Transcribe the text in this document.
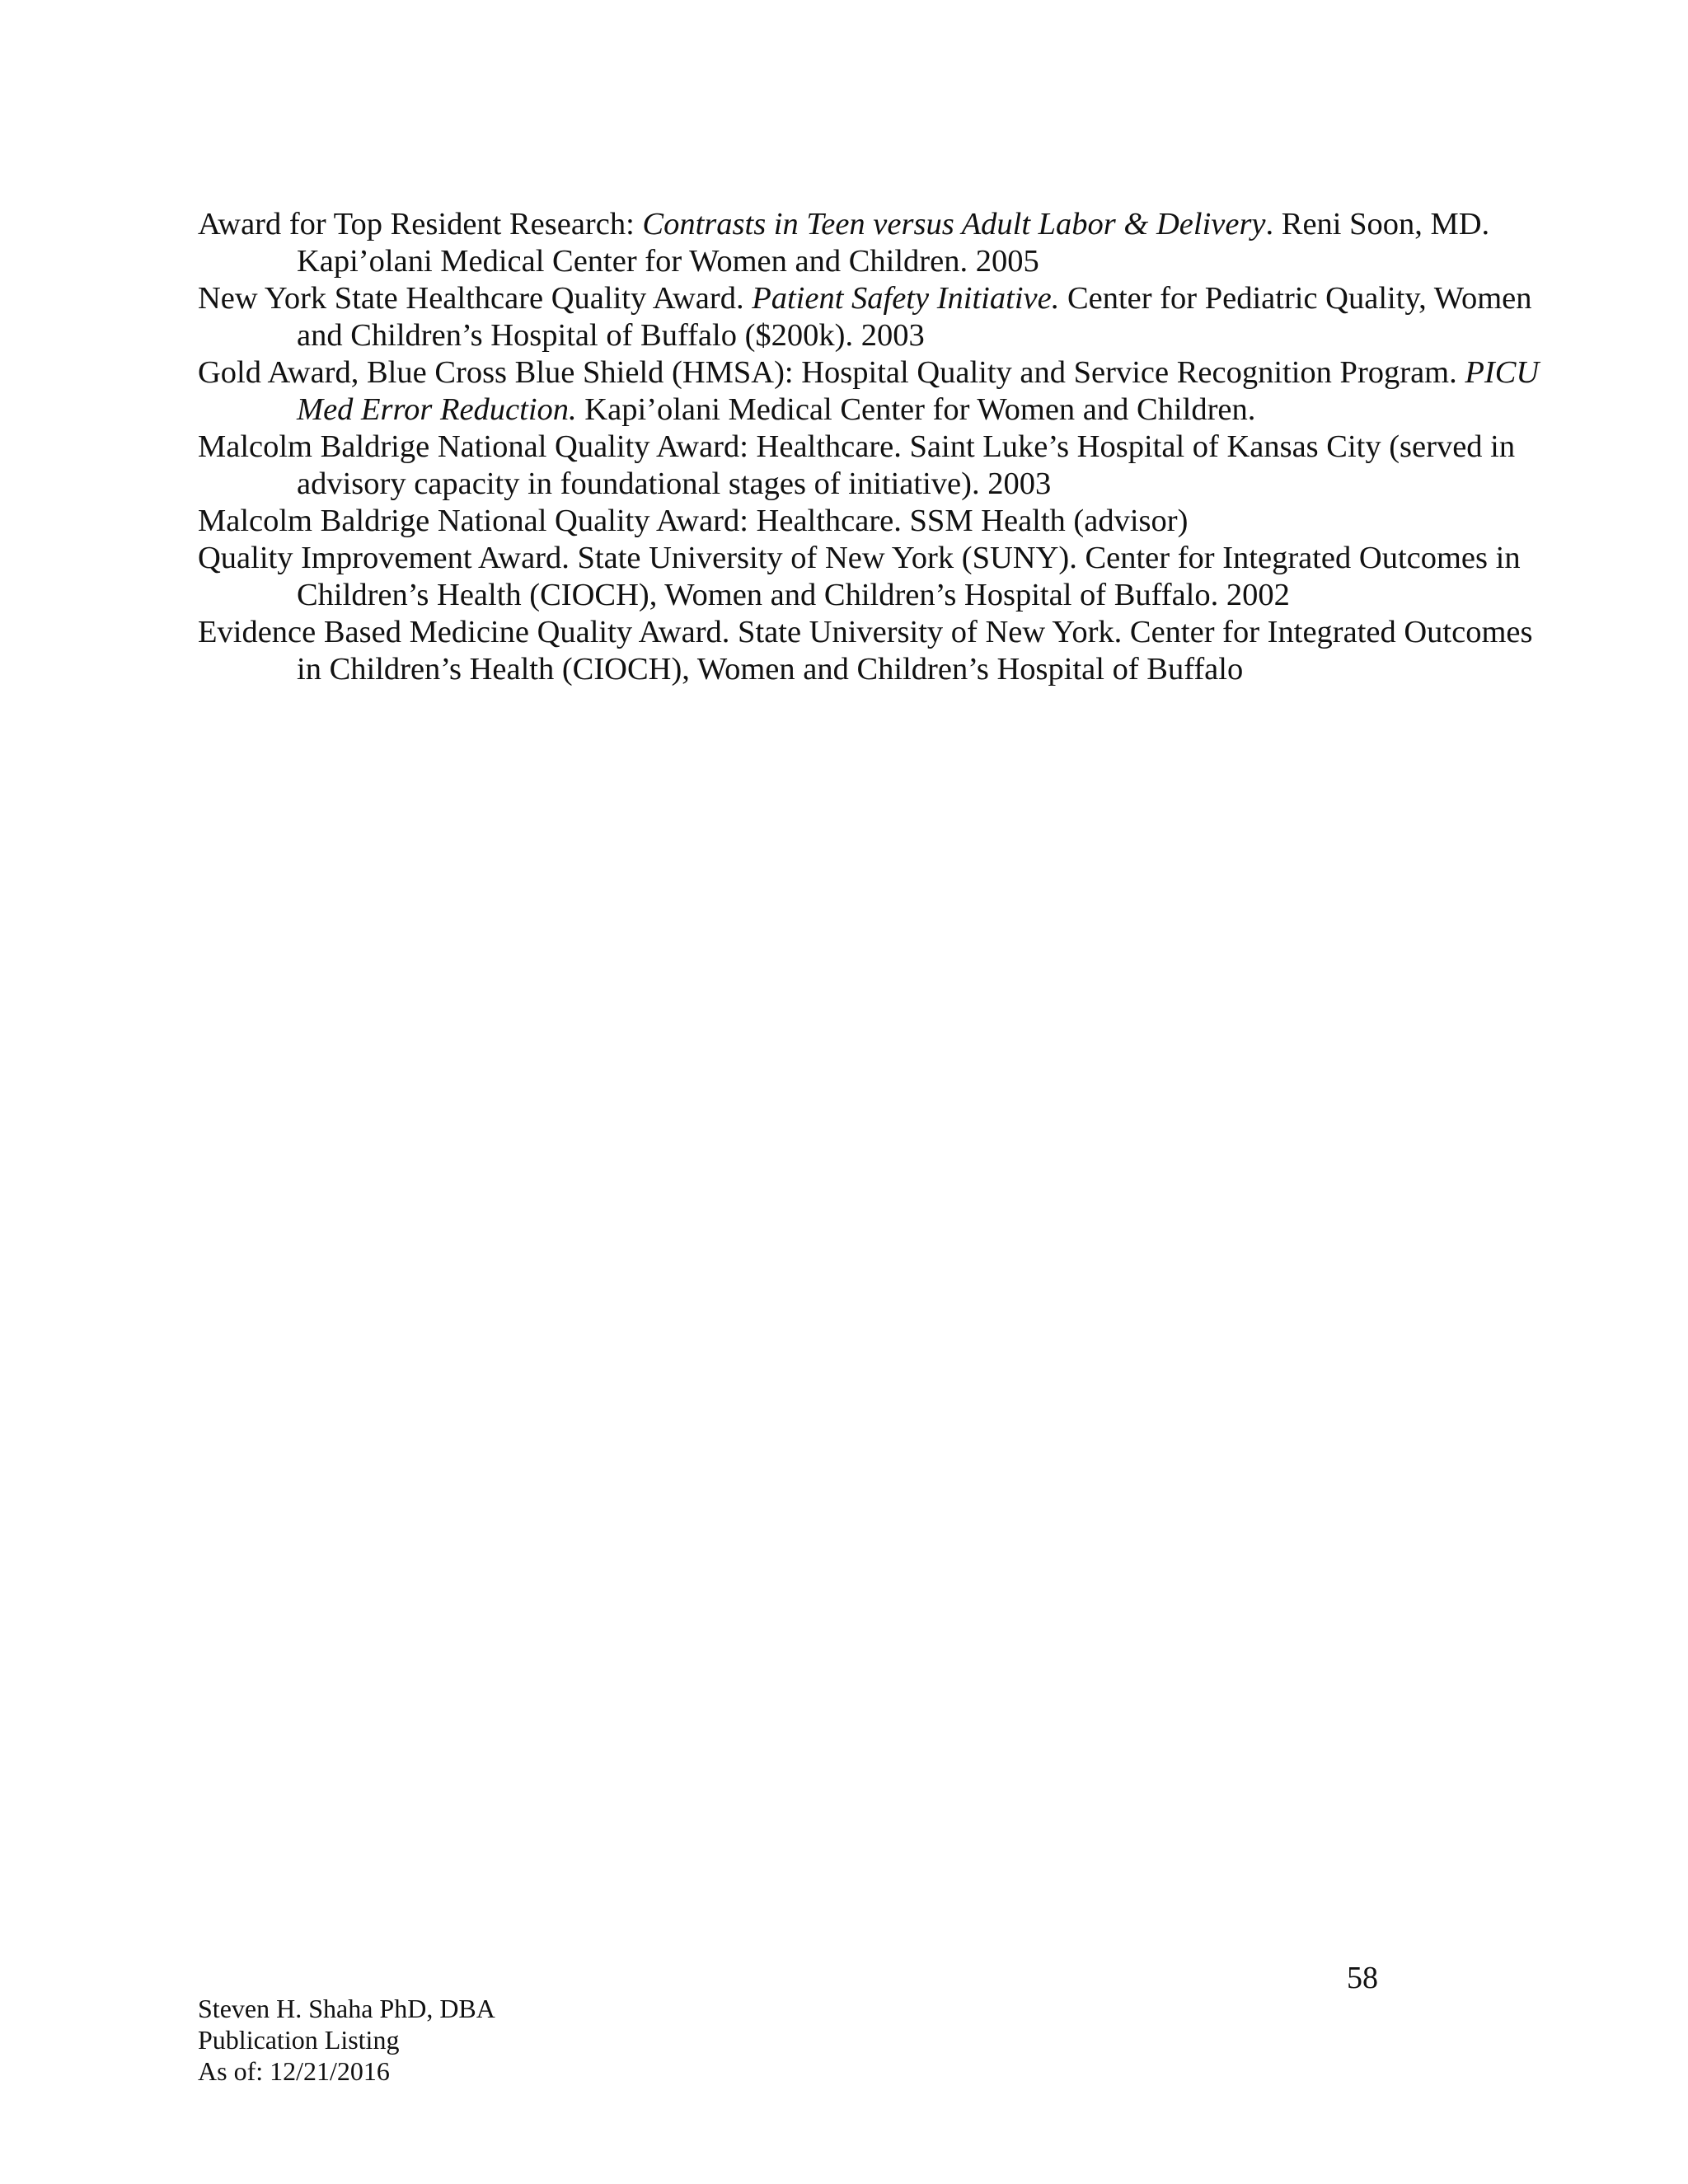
Award for Top Resident Research: Contrasts in Teen versus Adult Labor & Delivery. Reni Soon, MD. Kapi’olani Medical Center for Women and Children. 2005

New York State Healthcare Quality Award. Patient Safety Initiative. Center for Pediatric Quality, Women and Children’s Hospital of Buffalo ($200k). 2003

Gold Award, Blue Cross Blue Shield (HMSA): Hospital Quality and Service Recognition Program. PICU Med Error Reduction. Kapi’olani Medical Center for Women and Children.

Malcolm Baldrige National Quality Award: Healthcare. Saint Luke’s Hospital of Kansas City (served in advisory capacity in foundational stages of initiative). 2003

Malcolm Baldrige National Quality Award: Healthcare. SSM Health (advisor)

Quality Improvement Award. State University of New York (SUNY). Center for Integrated Outcomes in Children’s Health (CIOCH), Women and Children’s Hospital of Buffalo. 2002

Evidence Based Medicine Quality Award. State University of New York. Center for Integrated Outcomes in Children’s Health (CIOCH), Women and Children’s Hospital of Buffalo

58
Steven H. Shaha PhD, DBA
Publication Listing
As of: 12/21/2016
